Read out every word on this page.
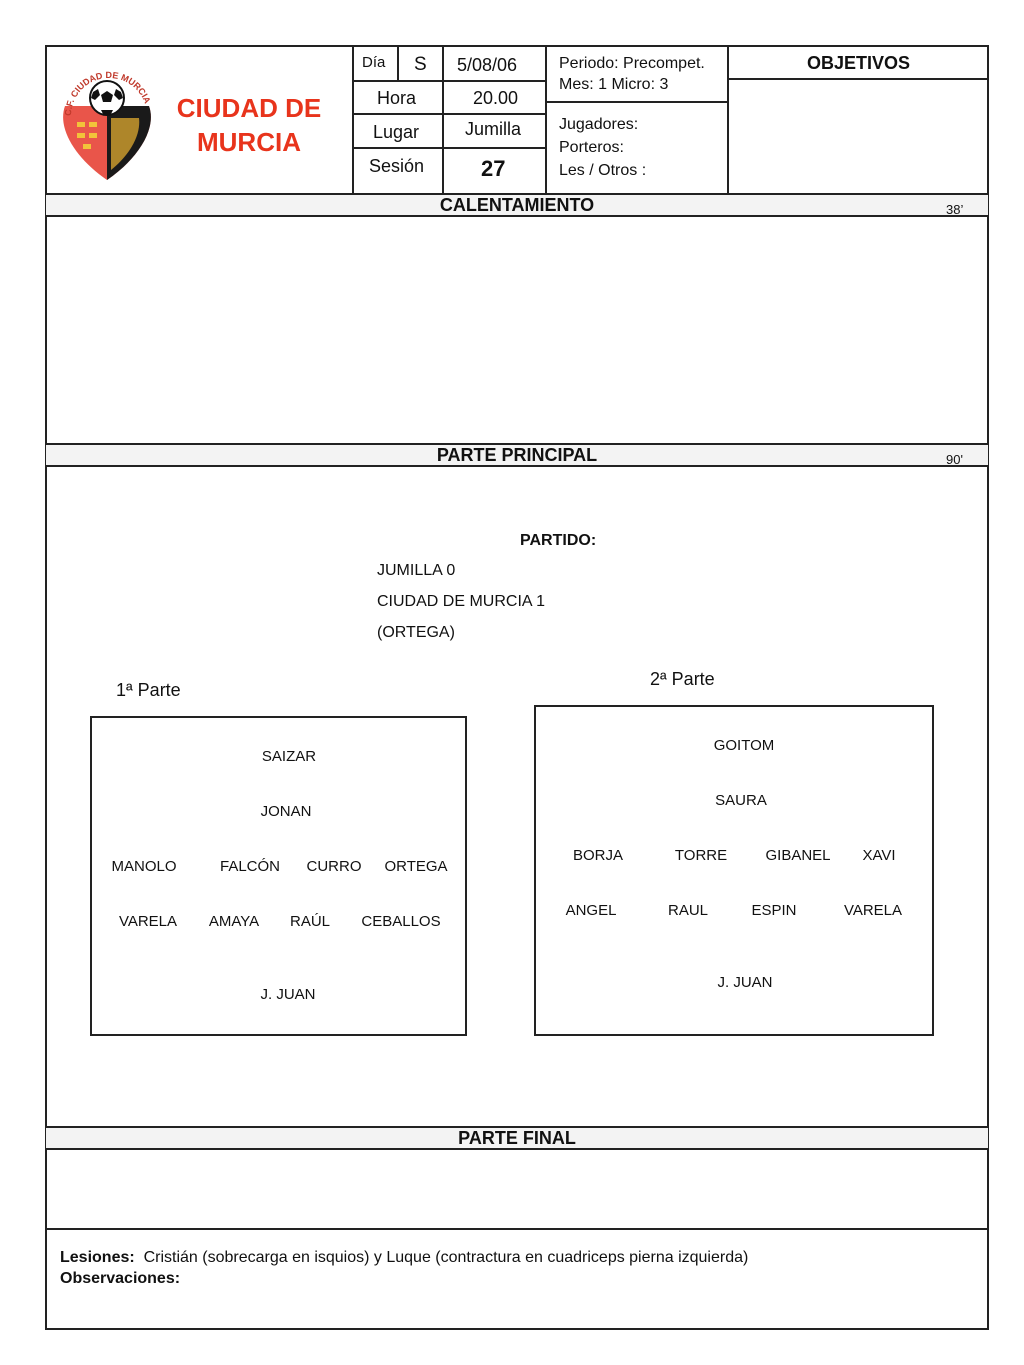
C.F. CIUDAD DE MURCIA CIUDAD DE
MURCIA
Día S 5/08/06
Hora	20.00
Lugar	Jumilla
Sesión	27
Periodo: Precompet.
Mes: 1 Micro: 3
Jugadores:
Porteros:
Les / Otros :
OBJETIVOS
CALENTAMIENTO	38’
PARTE PRINCIPAL	90'
PARTIDO:
JUMILLA 0
CIUDAD DE MURCIA 1
(ORTEGA)
1ª Parte
SAIZAR
JONAN
MANOLO	FALCÓN CURRO ORTEGA
VARELA AMAYA RAÚL CEBALLOS
J. JUAN
2ª Parte
GOITOM
SAURA
BORJA	TORRE	GIBANEL XAVI
ANGEL	RAUL	ESPIN	VARELA
J. JUAN
PARTE FINAL
Lesiones: Cristián (sobrecarga en isquios) y Luque (contractura en cuadriceps pierna izquierda)
Observaciones:
